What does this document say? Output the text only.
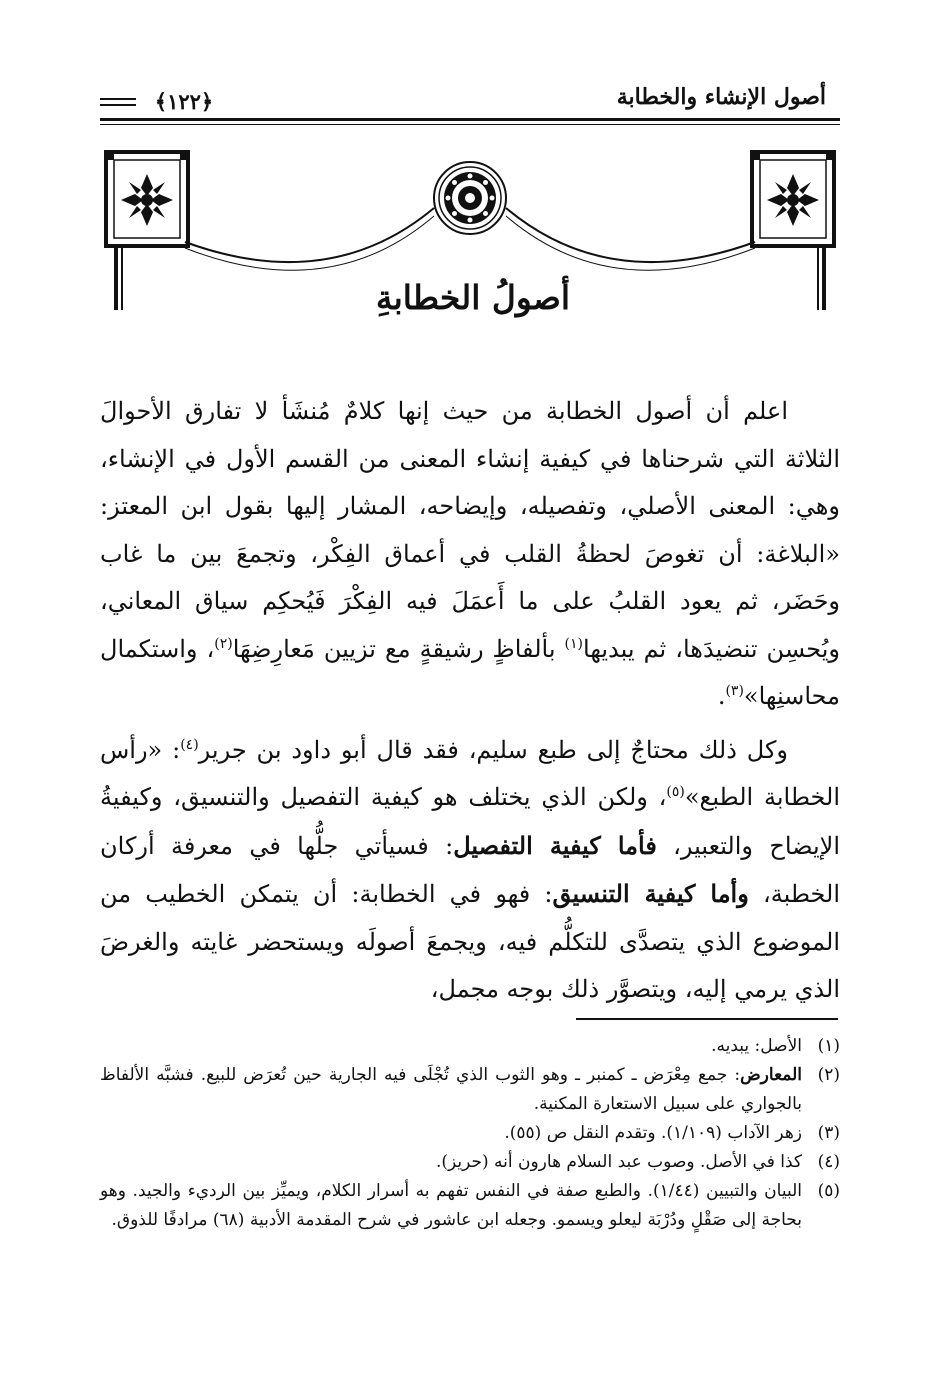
أصول الإنشاء والخطابة
﴿١٢٢﴾
أصولُ الخطابةِ

اعلم أن أصول الخطابة من حيث إنها كلامٌ مُنشَأ لا تفارق الأحوالَ الثلاثة التي شرحناها في كيفية إنشاء المعنى من القسم الأول في الإنشاء، وهي: المعنى الأصلي، وتفصيله، وإيضاحه، المشار إليها بقول ابن المعتز: «البلاغة: أن تغوصَ لحظةُ القلب في أعماق الفِكْر، وتجمعَ بين ما غاب وحَضَر، ثم يعود القلبُ على ما أَعمَلَ فيه الفِكْرَ فَيُحكِم سياق المعاني، ويُحسِن تنضيدَها، ثم يبديها$^{(١)}$ بألفاظٍ رشيقةٍ مع تزيين مَعارِضِهَا$^{(٢)}$، واستكمال محاسنِها»$^{(٣)}$.

وكل ذلك محتاجٌ إلى طبع سليم، فقد قال أبو داود بن جرير$^{(٤)}$: «رأس الخطابة الطبع»$^{(٥)}$، ولكن الذي يختلف هو كيفية التفصيل والتنسيق، وكيفيةُ الإيضاح والتعبير، فأما كيفية التفصيل: فسيأتي جلُّها في معرفة أركان الخطبة، وأما كيفية التنسيق: فهو في الخطابة: أن يتمكن الخطيب من الموضوع الذي يتصدَّى للتكلُّم فيه، ويجمعَ أصولَه ويستحضر غايته والغرضَ الذي يرمي إليه، ويتصوَّر ذلك بوجه مجمل،

(١)
الأصل: يبديه.
(٢)
المعارض: جمع مِعْرَض ـ كمنبر ـ وهو الثوب الذي تُجْلَى فيه الجارية حين تُعرَض للبيع. فشبَّه الألفاظ بالجواري على سبيل الاستعارة المكنية.
(٣)
زهر الآداب (١/١٠٩). وتقدم النقل ص (٥٥).
(٤)
كذا في الأصل. وصوب عبد السلام هارون أنه (حريز).
(٥)
البيان والتبيين (١/٤٤). والطبع صفة في النفس تفهم به أسرار الكلام، ويميِّز بين الرديء والجيد. وهو بحاجة إلى صَقْلٍ ودُرْبَة ليعلو ويسمو. وجعله ابن عاشور في شرح المقدمة الأدبية (٦٨) مرادفًا للذوق.
